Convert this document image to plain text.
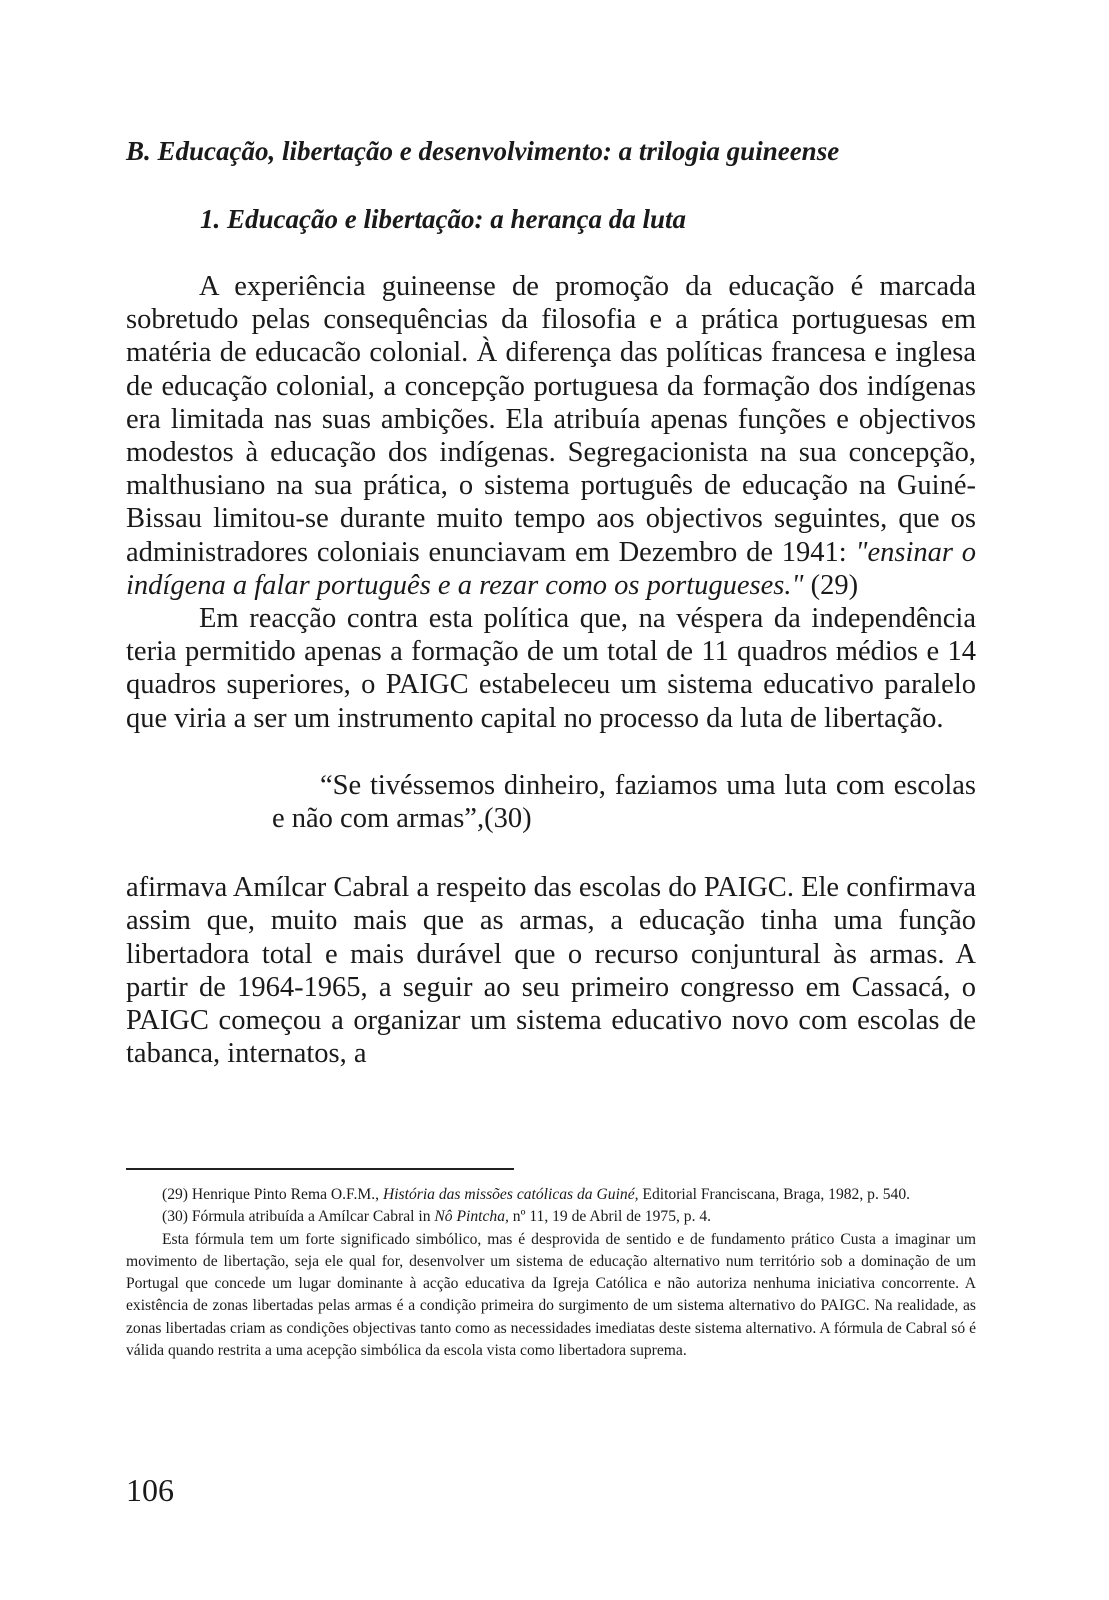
B. Educação, libertação e desenvolvimento: a trilogia guineense
1. Educação e libertação: a herança da luta

A experiência guineense de promoção da educação é marcada sobretudo pelas consequências da filosofia e a prática portuguesas em matéria de educacão colonial. À diferença das políticas francesa e inglesa de educação colonial, a concepção portuguesa da formação dos indígenas era limitada nas suas ambições. Ela atribuía apenas funções e objectivos modestos à educação dos indígenas. Segregacionista na sua concepção, malthusiano na sua prática, o sistema português de educação na Guiné-Bissau limitou-se durante muito tempo aos objectivos seguintes, que os administradores coloniais enunciavam em Dezembro de 1941: "ensinar o indígena a falar português e a rezar como os portugueses." (29)

Em reacção contra esta política que, na véspera da independência teria permitido apenas a formação de um total de 11 quadros médios e 14 quadros superiores, o PAIGC estabeleceu um sistema educativo paralelo que viria a ser um instrumento capital no processo da luta de libertação.

“Se tivéssemos dinheiro, faziamos uma luta com escolas e não com armas”,(30)

afirmava Amílcar Cabral a respeito das escolas do PAIGC. Ele confirmava assim que, muito mais que as armas, a educação tinha uma função libertadora total e mais durável que o recurso conjuntural às armas. A partir de 1964-1965, a seguir ao seu primeiro congresso em Cassacá, o PAIGC começou a organizar um sistema educativo novo com escolas de tabanca, internatos, a

(29) Henrique Pinto Rema O.F.M., História das missões católicas da Guiné, Editorial Franciscana, Braga, 1982, p. 540.

(30) Fórmula atribuída a Amílcar Cabral in Nô Pintcha, nº 11, 19 de Abril de 1975, p. 4.

Esta fórmula tem um forte significado simbólico, mas é desprovida de sentido e de fundamento prático Custa a imaginar um movimento de libertação, seja ele qual for, desenvolver um sistema de educação alternativo num território sob a dominação de um Portugal que concede um lugar dominante à acção educativa da Igreja Católica e não autoriza nenhuma iniciativa concorrente. A existência de zonas libertadas pelas armas é a condição primeira do surgimento de um sistema alternativo do PAIGC. Na realidade, as zonas libertadas criam as condições objectivas tanto como as necessidades imediatas deste sistema alternativo. A fórmula de Cabral só é válida quando restrita a uma acepção simbólica da escola vista como libertadora suprema.

106
